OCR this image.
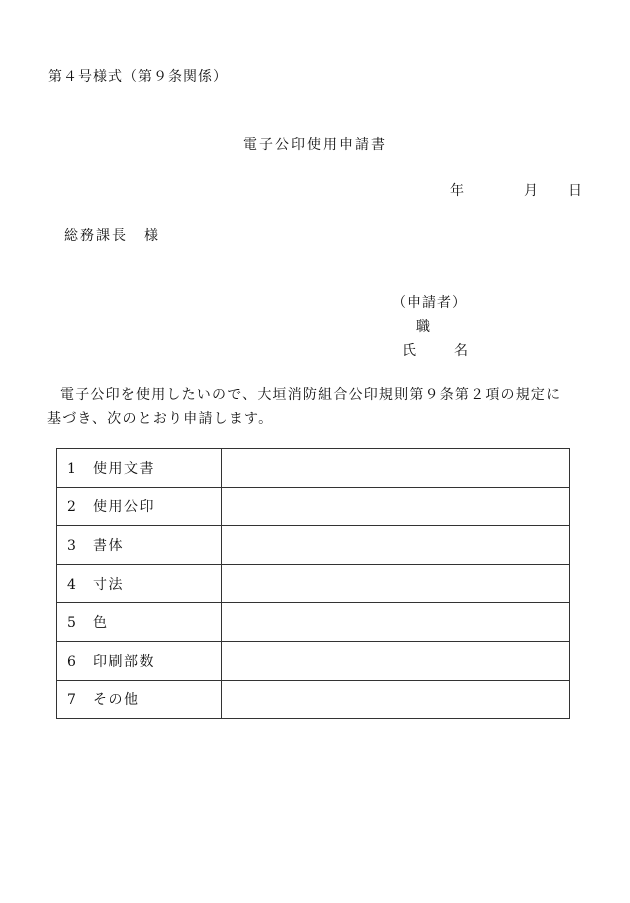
第４号様式（第９条関係）
電子公印使用申請書
年	月 日
総務課長　様
（申請者）
職
氏　名
電子公印を使用したいので、大垣消防組合公印規則第９条第２項の規定に
基づき、次のとおり申請します。
1 使用文書	
2 使用公印	
3 書体	
4 寸法	
5 色	
6 印刷部数	
7 その他	
